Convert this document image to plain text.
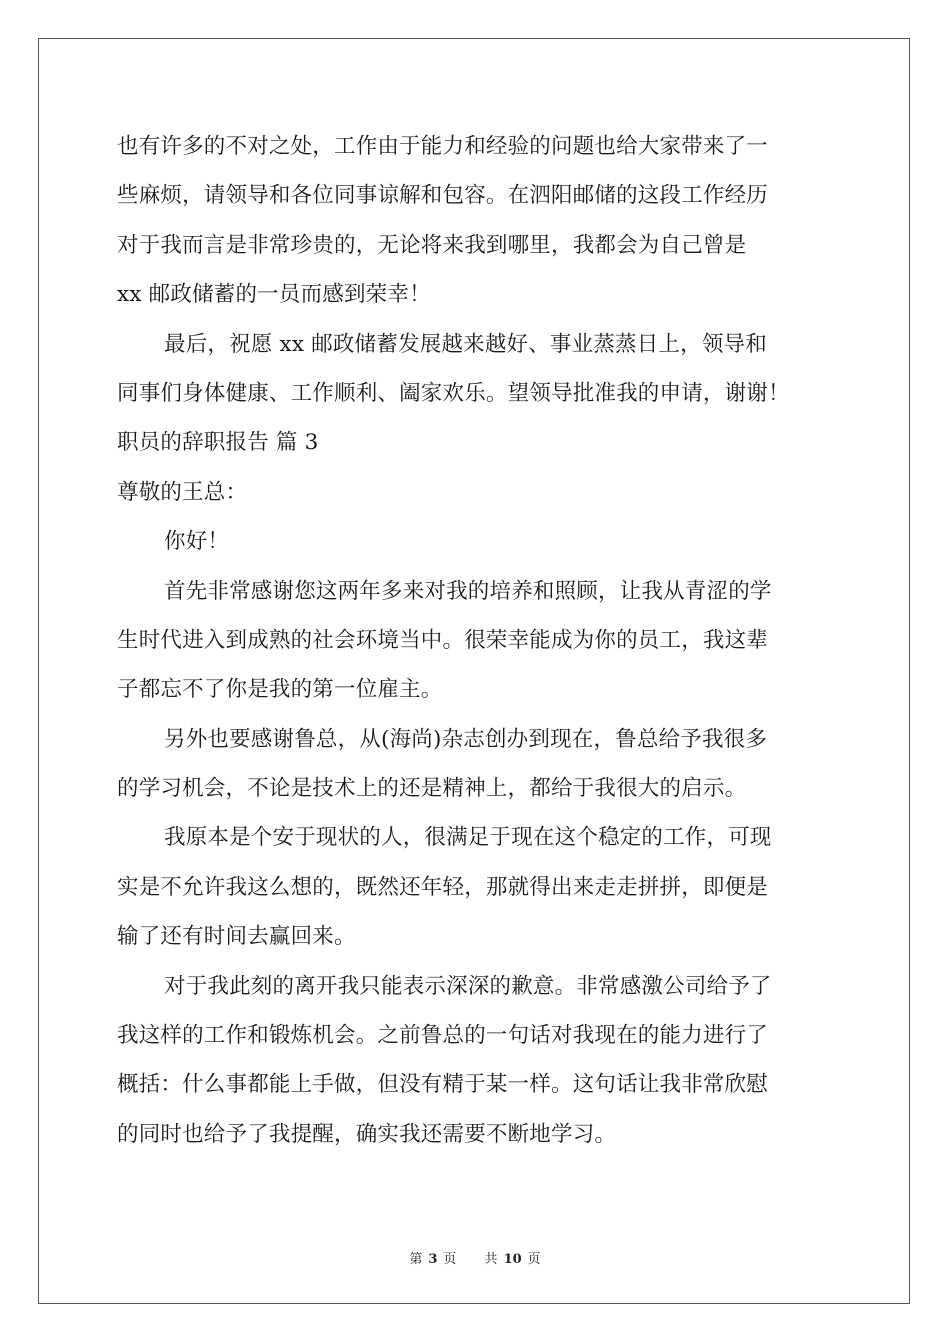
也有许多的不对之处，工作由于能力和经验的问题也给大家带来了一
些麻烦，请领导和各位同事谅解和包容。在泗阳邮储的这段工作经历
对于我而言是非常珍贵的，无论将来我到哪里，我都会为自己曾是
xx 邮政储蓄的一员而感到荣幸！
最后，祝愿 xx 邮政储蓄发展越来越好、事业蒸蒸日上，领导和
同事们身体健康、工作顺利、阖家欢乐。望领导批准我的申请，谢谢！
职员的辞职报告 篇 3
尊敬的王总：
你好！
首先非常感谢您这两年多来对我的培养和照顾，让我从青涩的学
生时代进入到成熟的社会环境当中。很荣幸能成为你的员工，我这辈
子都忘不了你是我的第一位雇主。
另外也要感谢鲁总，从(海尚)杂志创办到现在，鲁总给予我很多
的学习机会，不论是技术上的还是精神上，都给于我很大的启示。
我原本是个安于现状的人，很满足于现在这个稳定的工作，可现
实是不允许我这么想的，既然还年轻，那就得出来走走拼拼，即便是
输了还有时间去赢回来。
对于我此刻的离开我只能表示深深的歉意。非常感激公司给予了
我这样的工作和锻炼机会。之前鲁总的一句话对我现在的能力进行了
概括：什么事都能上手做，但没有精于某一样。这句话让我非常欣慰
的同时也给予了我提醒，确实我还需要不断地学习。
第 3 页 共 10 页
